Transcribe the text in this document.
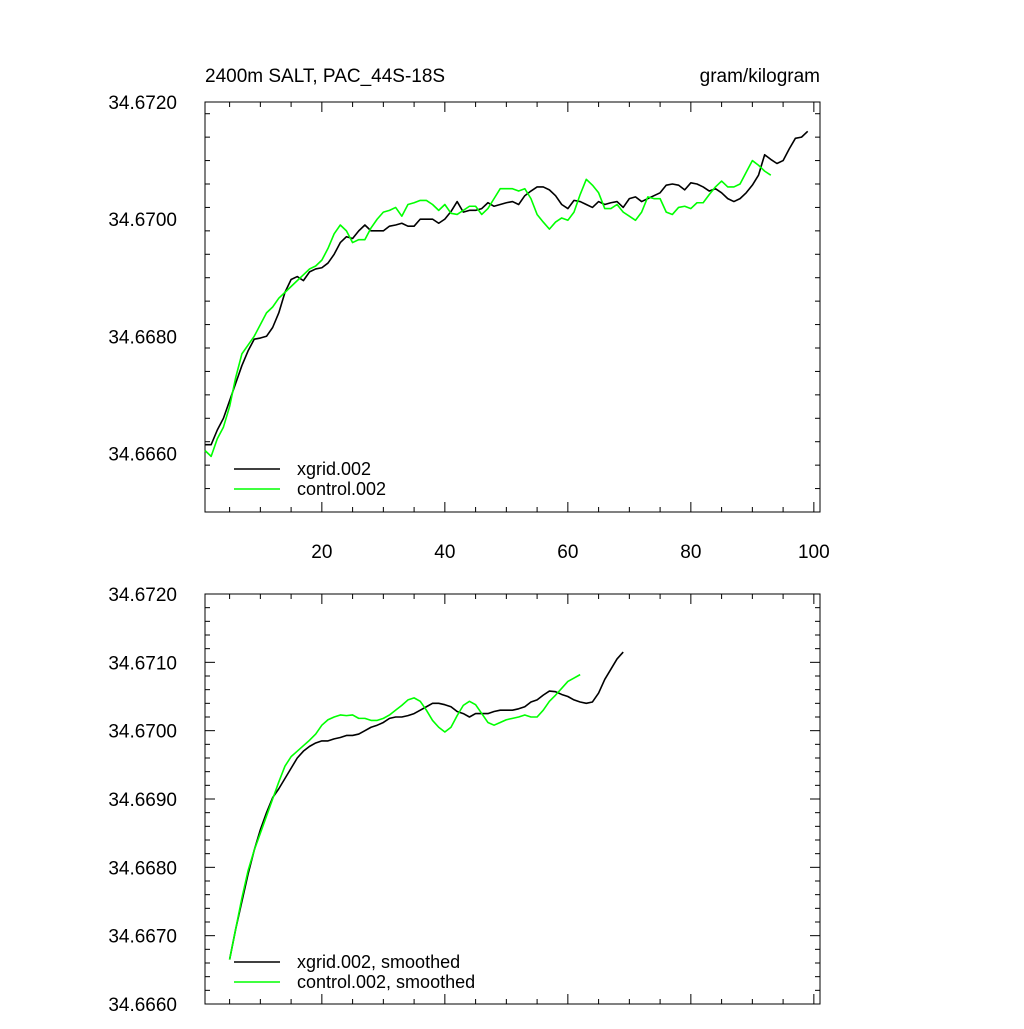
34.6660
34.6680
34.6700
34.6720
20	40	60	80	100
2400m SALT, PAC_44S-18S	gram/kilogram
xgrid.002
control.002
34.6660
34.6670
34.6680
34.6690
34.6700
34.6710
34.6720
xgrid.002, smoothed
control.002, smoothed
